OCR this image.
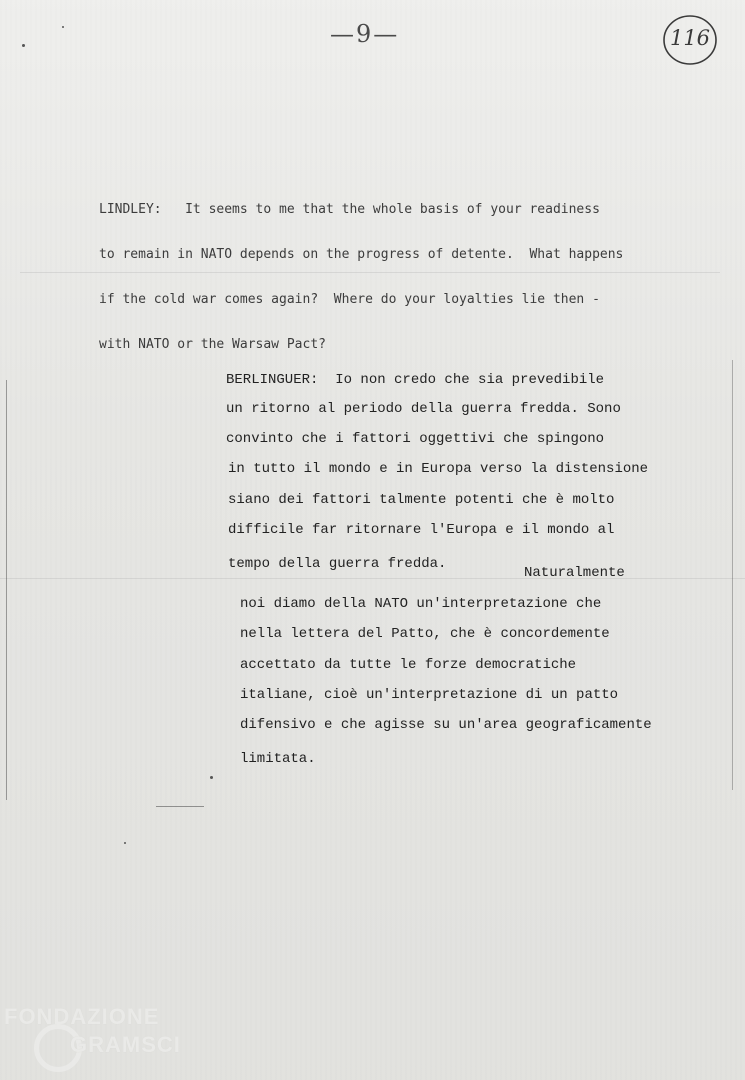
—9—	116

LINDLEY:   It seems to me that the whole basis of your readiness

to remain in NATO depends on the progress of detente.  What happens

if the cold war comes again?  Where do your loyalties lie then -

with NATO or the Warsaw Pact?

BERLINGUER:  Io non credo che sia prevedibile
un ritorno al periodo della guerra fredda. Sono
convinto che i fattori oggettivi che spingono
in tutto il mondo e in Europa verso la distensione
siano dei fattori talmente potenti che è molto
difficile far ritornare l'Europa e il mondo al
tempo della guerra fredda.
Naturalmente
noi diamo della NATO un'interpretazione che
nella lettera del Patto, che è concordemente
accettato da tutte le forze democratiche
italiane, cioè un'interpretazione di un patto
difensivo e che agisse su un'area geograficamente
limitata.
FONDAZIONE
GRAMSCI
